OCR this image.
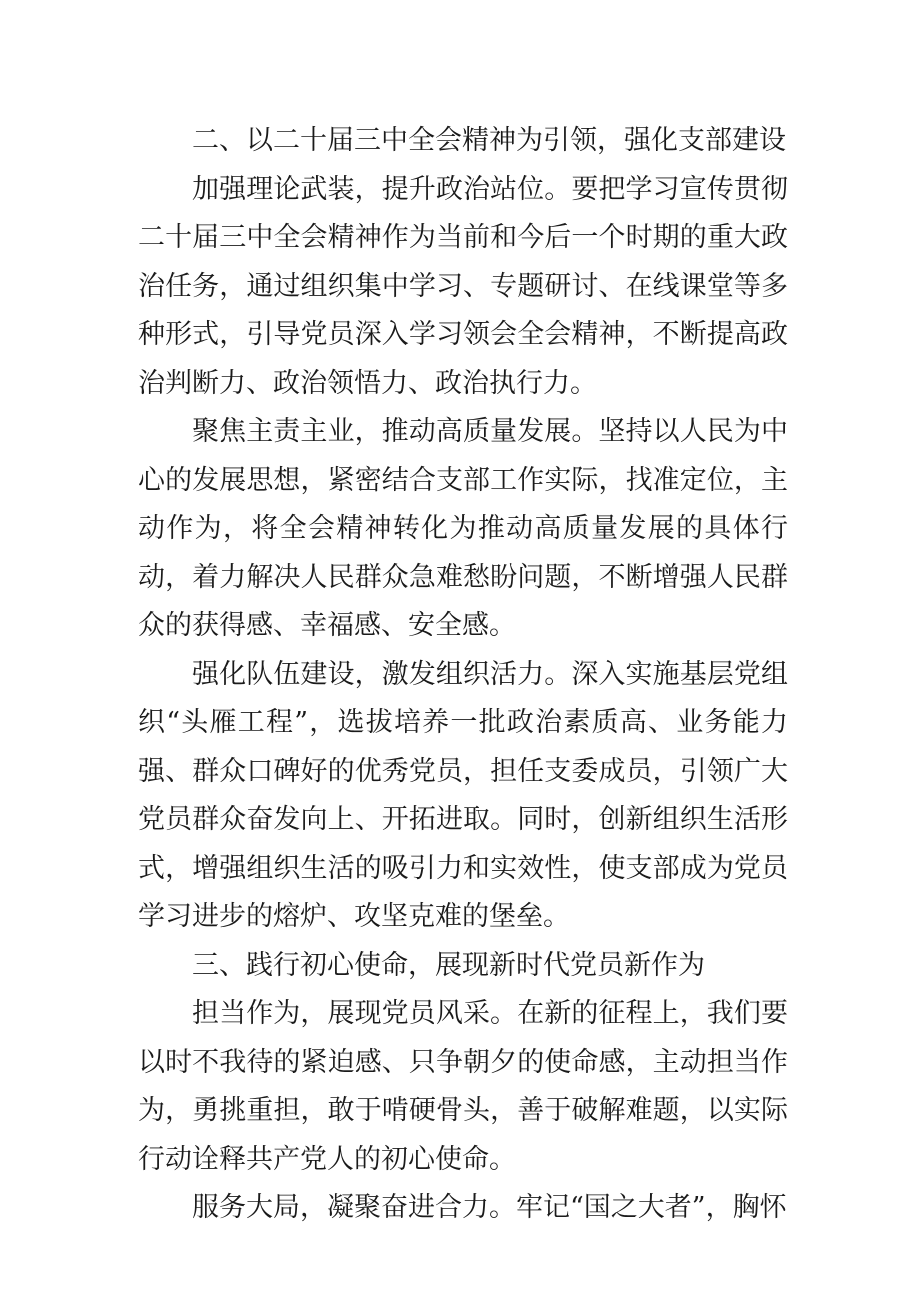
二、以二十届三中全会精神为引领，强化支部建设

加强理论武装，提升政治站位。要把学习宣传贯彻二十届三中全会精神作为当前和今后一个时期的重大政治任务，通过组织集中学习、专题研讨、在线课堂等多种形式，引导党员深入学习领会全会精神，不断提高政治判断力、政治领悟力、政治执行力。

聚焦主责主业，推动高质量发展。坚持以人民为中心的发展思想，紧密结合支部工作实际，找准定位，主动作为，将全会精神转化为推动高质量发展的具体行动，着力解决人民群众急难愁盼问题，不断增强人民群众的获得感、幸福感、安全感。

强化队伍建设，激发组织活力。深入实施基层党组织“头雁工程”，选拔培养一批政治素质高、业务能力强、群众口碑好的优秀党员，担任支委成员，引领广大党员群众奋发向上、开拓进取。同时，创新组织生活形式，增强组织生活的吸引力和实效性，使支部成为党员学习进步的熔炉、攻坚克难的堡垒。

三、践行初心使命，展现新时代党员新作为

担当作为，展现党员风采。在新的征程上，我们要以时不我待的紧迫感、只争朝夕的使命感，主动担当作为，勇挑重担，敢于啃硬骨头，善于破解难题，以实际行动诠释共产党人的初心使命。

服务大局，凝聚奋进合力。牢记“国之大者”，胸怀
